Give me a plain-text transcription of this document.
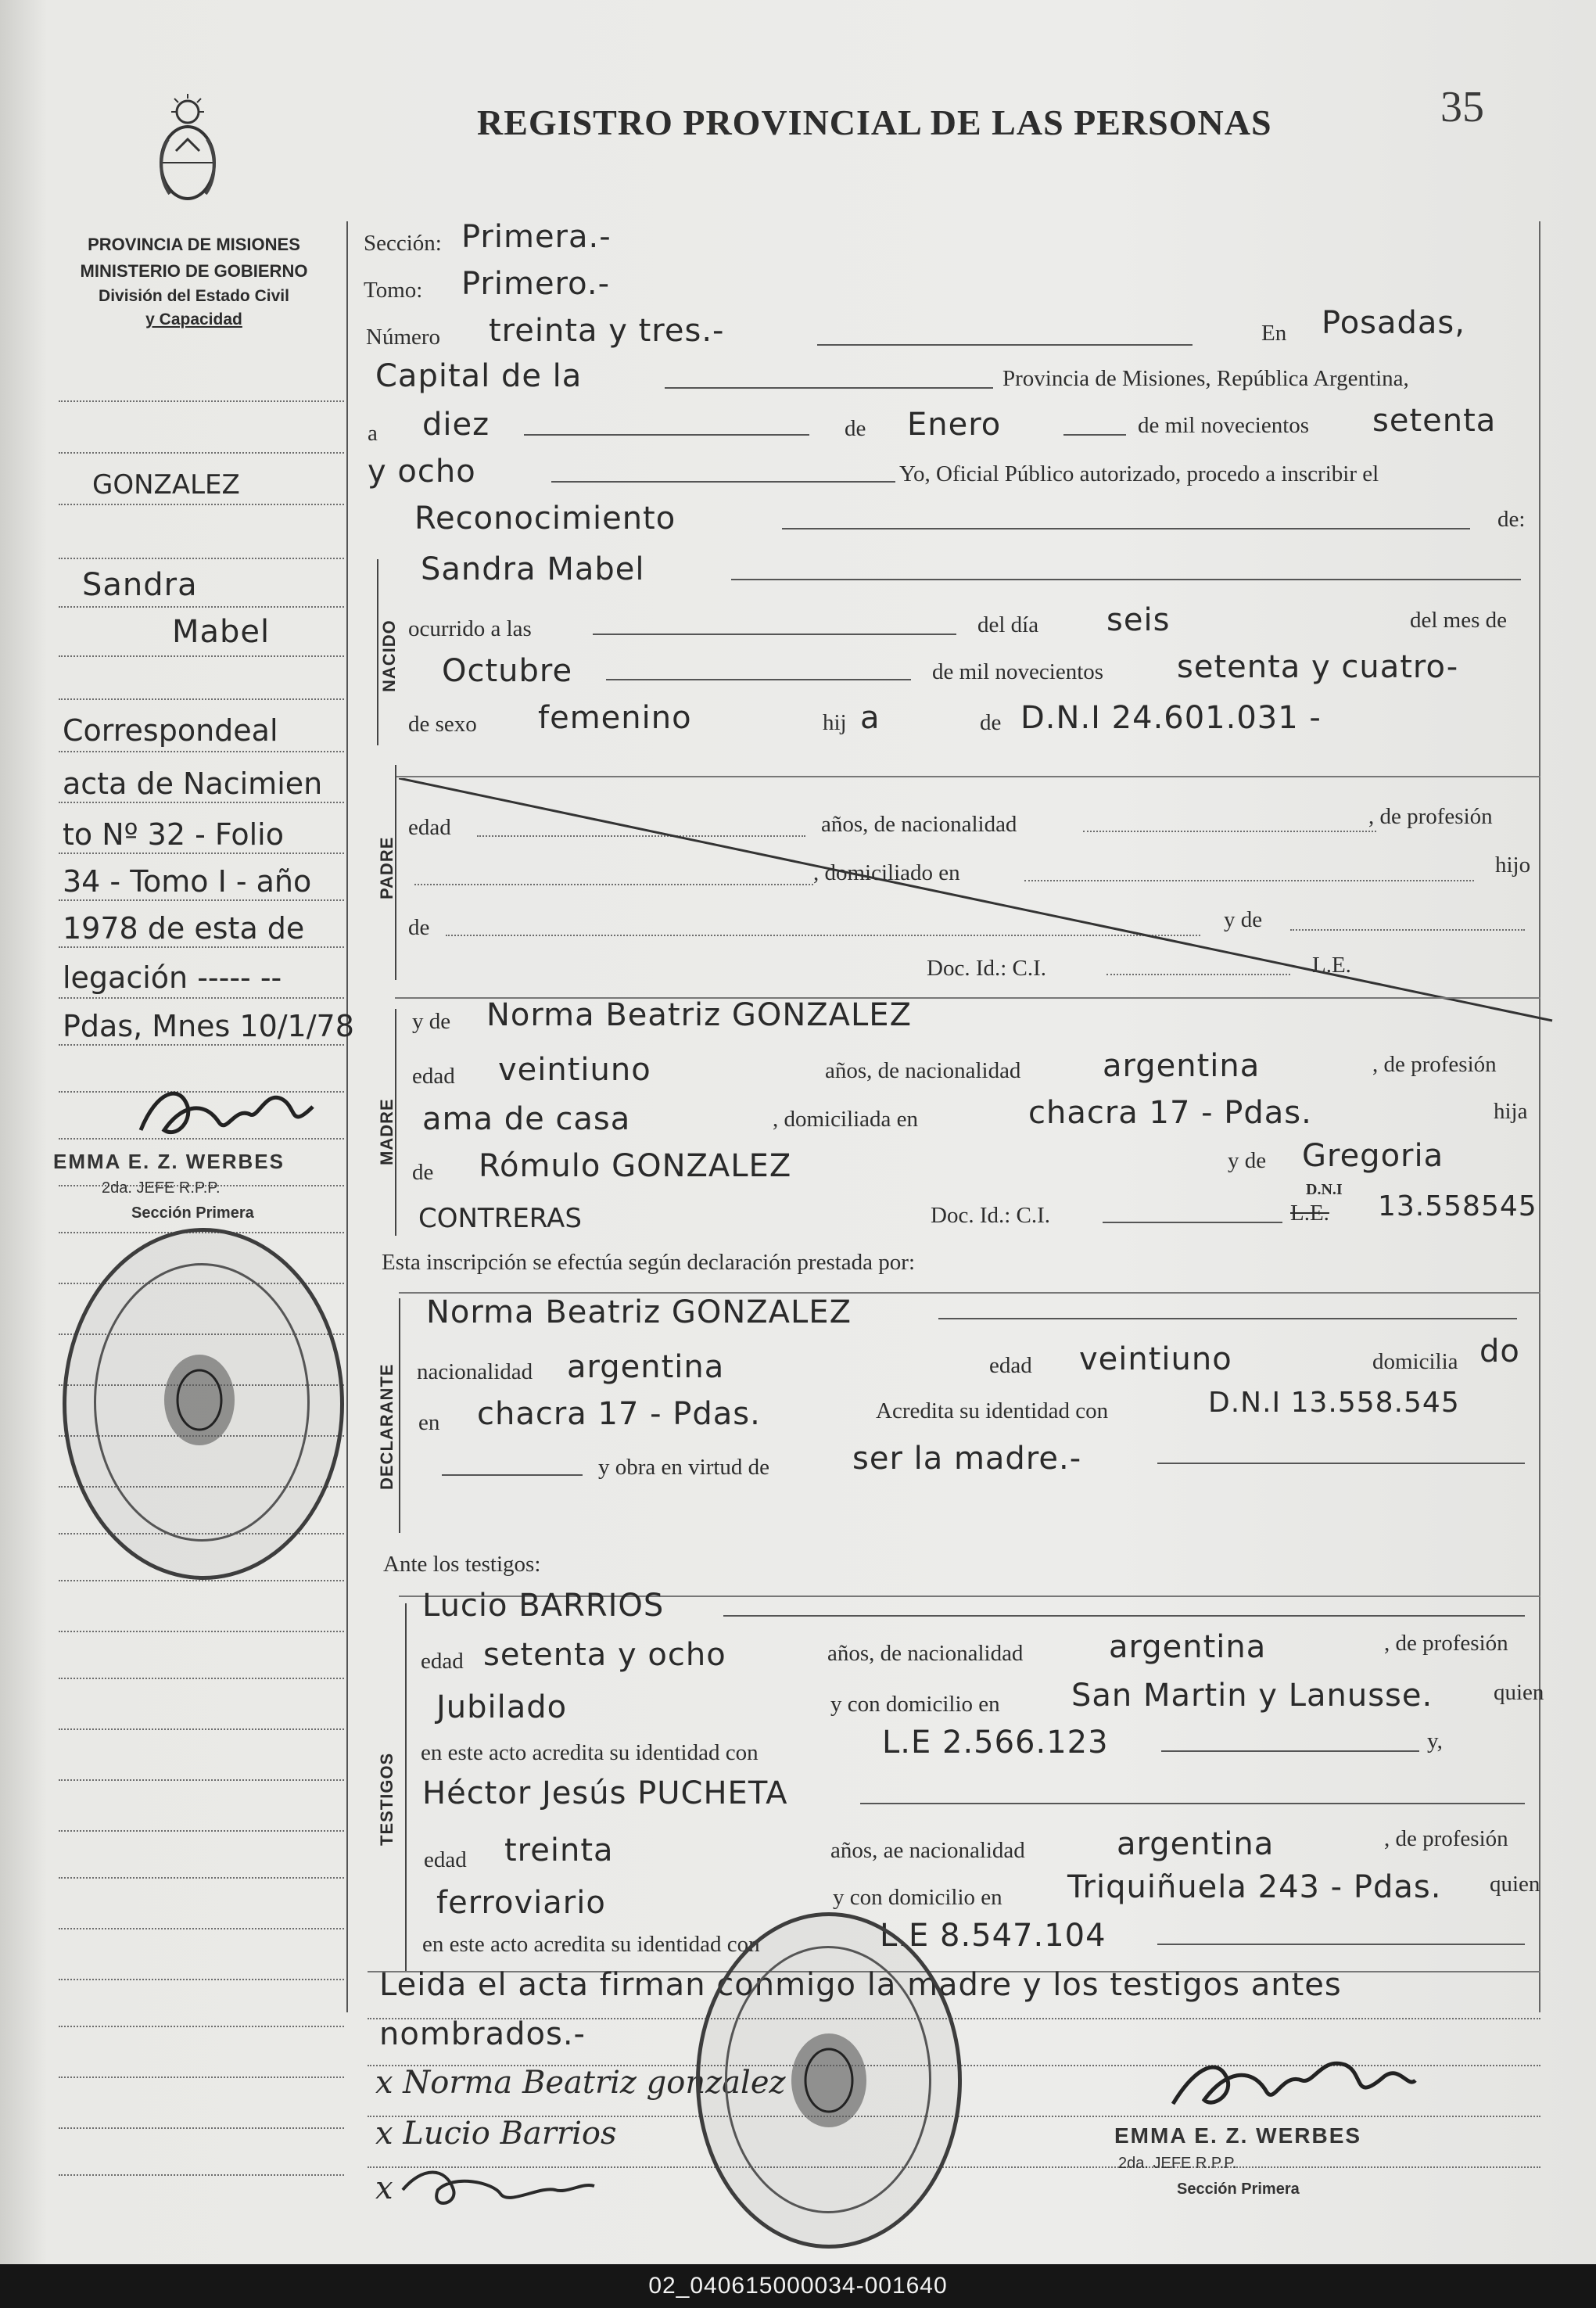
REGISTRO PROVINCIAL DE LAS PERSONAS	35
PROVINCIA DE MISIONES
MINISTERIO DE GOBIERNO
División del Estado Civil
y Capacidad
GONZALEZ
Sandra
Mabel
Correspondeal
acta de Nacimien
to Nº 32 - Folio
34 - Tomo I - año
1978 de esta de
legación ----- --
Pdas, Mnes 10/1/78
EMMA E. Z. WERBES
2da. JEFE R.P.P.
Sección Primera
Sección: Primera.-
Tomo: Primero.-
Número treinta y tres.-	En Posadas,
Capital de la	Provincia de Misiones, República Argentina,
a diez	de Enero	de mil novecientos setenta
y ocho	Yo, Oficial Público autorizado, procedo a inscribir el
Reconocimiento	de:
NACIDO
Sandra Mabel
ocurrido a las	del día seis	del mes de
Octubre	de mil novecientos setenta y cuatro-
de sexo femenino	hij a	de D.N.I 24.601.031 -
PADRE
edad	años, de nacionalidad	, de profesión
, domiciliado en	hijo
de	y de
Doc. Id.: C.I.	L.E.
MADRE
y de Norma Beatriz GONZALEZ
edad veintiuno	años, de nacionalidad	argentina	, de profesión
ama de casa	, domiciliada en	chacra 17 - Pdas.	hija
de Rómulo GONZALEZ	y de Gregoria
CONTRERAS	Doc. Id.: C.I.
D.N.I
L.E. 13.558545
Esta inscripción se efectúa según declaración prestada por:
DECLARANTE
Norma Beatriz GONZALEZ
nacionalidad argentina	edad veintiuno	domicilia do
en chacra 17 - Pdas.	Acredita su identidad con	D.N.I 13.558.545
y obra en virtud de	ser la madre.-
Ante los testigos:
TESTIGOS
Lucio BARRIOS
edad setenta y ocho	años, de nacionalidad	argentina	, de profesión
Jubilado	y con domicilio en San Martin y Lanusse.	quien
en este acto acredita su identidad con	L.E 2.566.123	y,
Héctor Jesús PUCHETA
edad treinta	años, ae nacionalidad	argentina	, de profesión
ferroviario	y con domicilio en Triquiñuela 243 - Pdas. quien
en este acto acredita su identidad con	L.E 8.547.104
Leida el acta firman conmigo la madre y los testigos antes
nombrados.-
x Norma Beatriz gonzalez
x Lucio Barrios
x
EMMA E. Z. WERBES
2da. JEFE R.P.P.
Sección Primera
02_040615000034-001640
